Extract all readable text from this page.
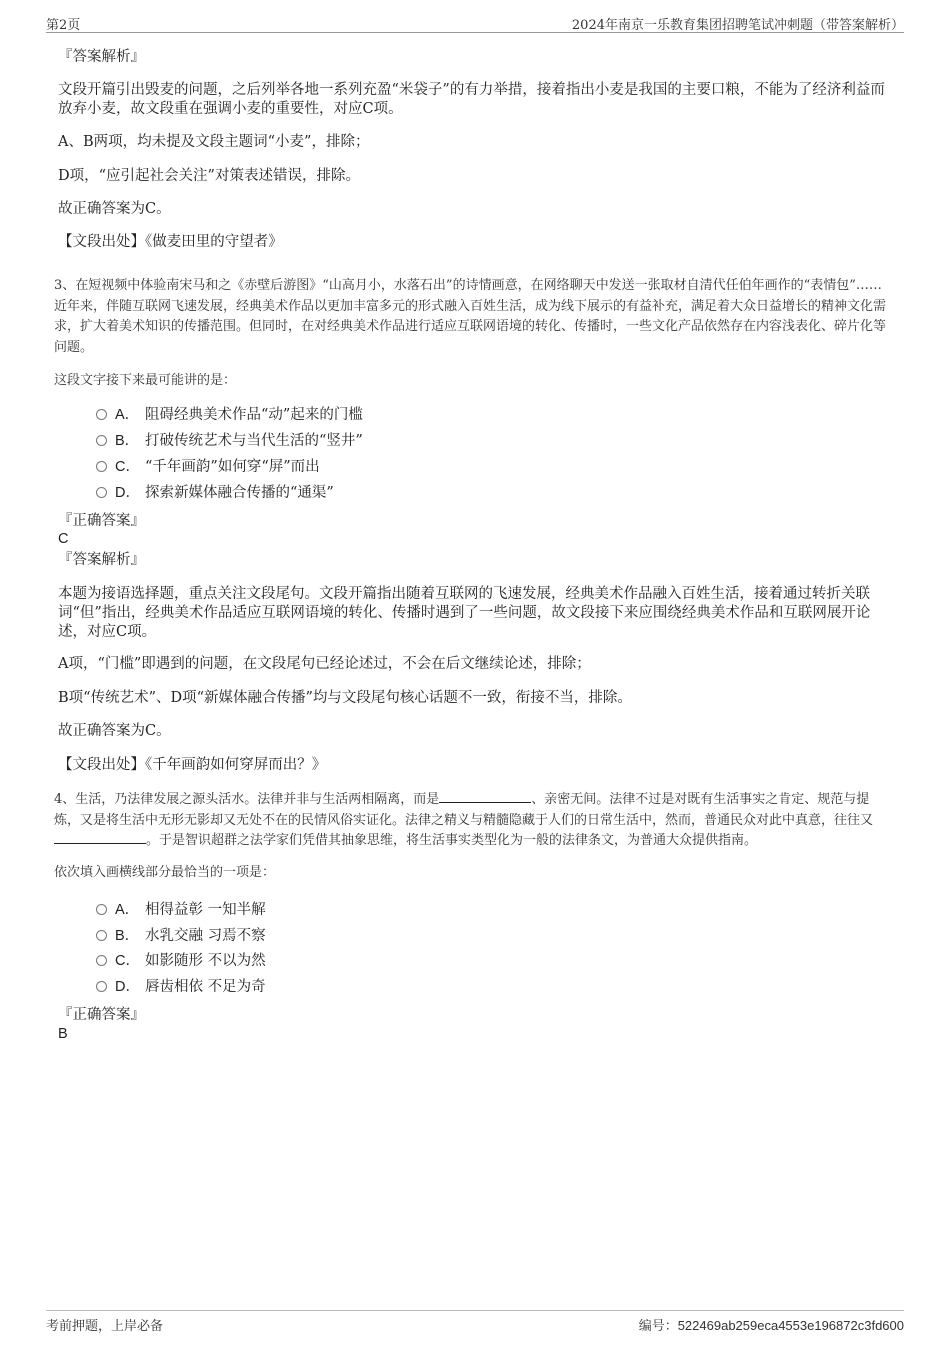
第2页	2024年南京一乐教育集团招聘笔试冲刺题（带答案解析）
『答案解析』
文段开篇引出毁麦的问题，之后列举各地一系列充盈“米袋子”的有力举措，接着指出小麦是我国的主要口粮，不能为了经济利益而放弃小麦，故文段重在强调小麦的重要性，对应C项。
A、B两项，均未提及文段主题词“小麦”，排除；
D项，“应引起社会关注”对策表述错误，排除。
故正确答案为C。
【文段出处】《做麦田里的守望者》
3、在短视频中体验南宋马和之《赤壁后游图》“山高月小，水落石出”的诗情画意，在网络聊天中发送一张取材自清代任伯年画作的“表情包”……近年来，伴随互联网飞速发展，经典美术作品以更加丰富多元的形式融入百姓生活，成为线下展示的有益补充，满足着大众日益增长的精神文化需求，扩大着美术知识的传播范围。但同时，在对经典美术作品进行适应互联网语境的转化、传播时，一些文化产品依然存在内容浅表化、碎片化等问题。
这段文字接下来最可能讲的是：
A． 阻碍经典美术作品“动”起来的门槛
B． 打破传统艺术与当代生活的“竖井”
C． “千年画韵”如何穿“屏”而出
D． 探索新媒体融合传播的“通渠”
『正确答案』
C
『答案解析』
本题为接语选择题，重点关注文段尾句。文段开篇指出随着互联网的飞速发展，经典美术作品融入百姓生活，接着通过转折关联词“但”指出，经典美术作品适应互联网语境的转化、传播时遇到了一些问题，故文段接下来应围绕经典美术作品和互联网展开论述，对应C项。
A项，“门槛”即遇到的问题，在文段尾句已经论述过，不会在后文继续论述，排除；
B项“传统艺术”、D项“新媒体融合传播”均与文段尾句核心话题不一致，衔接不当，排除。
故正确答案为C。
【文段出处】《千年画韵如何穿屏而出？》
4、生活，乃法律发展之源头活水。法律并非与生活两相隔离，而是	、亲密无间。法律不过是对既有生活事实之肯定、规范与提炼，又是将生活中无形无影却又无处不在的民情风俗实证化。法律之精义与精髓隐藏于人们的日常生活中，然而，普通民众对此中真意，往往又。于是智识超群之法学家们凭借其抽象思维，将生活事实类型化为一般的法律条文，为普通大众提供指南。
依次填入画横线部分最恰当的一项是：
A． 相得益彰 一知半解
B． 水乳交融 习焉不察
C． 如影随形 不以为然
D． 唇齿相依 不足为奇
『正确答案』
B
考前押题，上岸必备	编号：522469ab259eca4553e196872c3fd600
